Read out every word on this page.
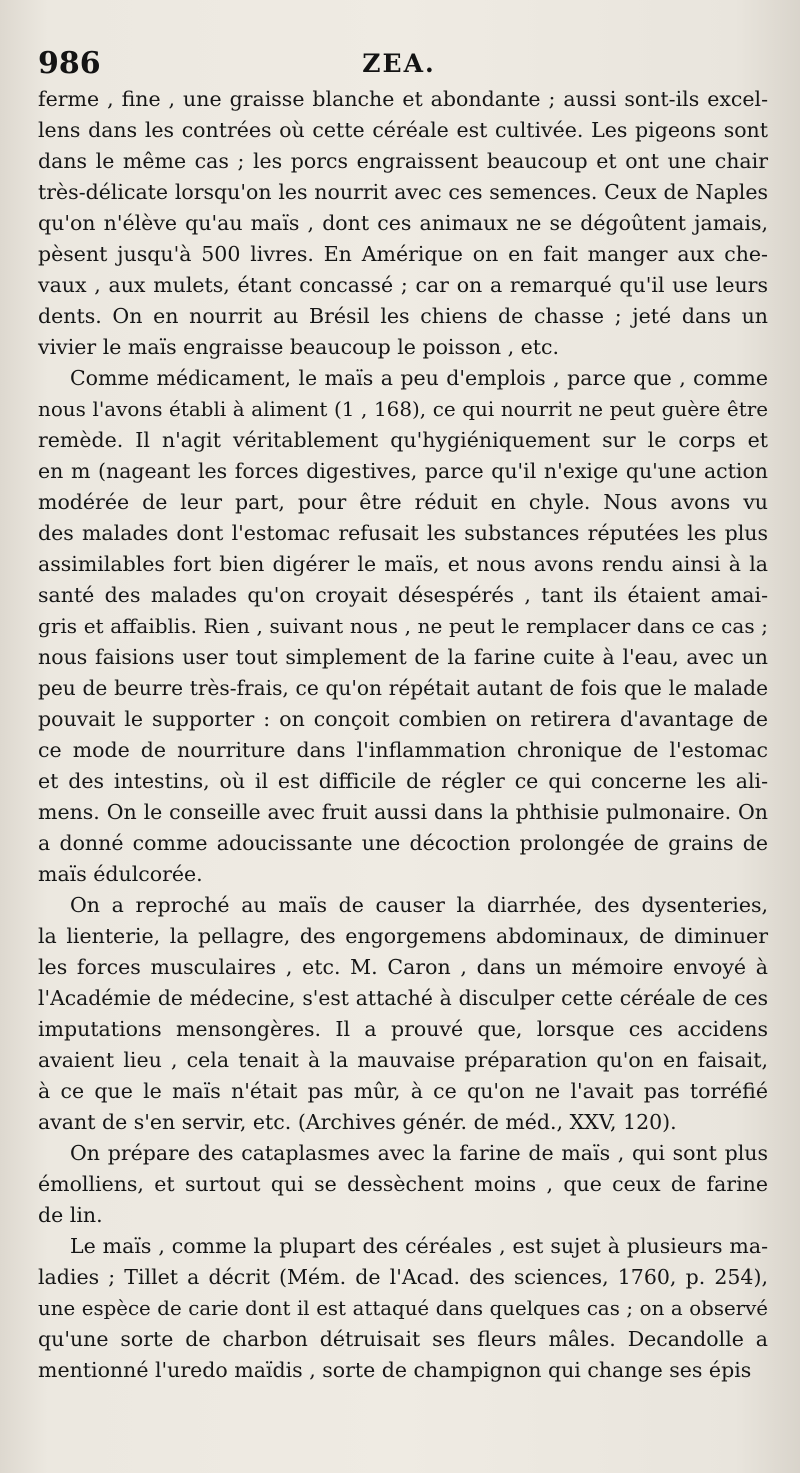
986	ZEA.
ferme , fine , une graisse blanche et abondante ; aussi sont-ils excel-
lens dans les contrées où cette céréale est cultivée. Les pigeons sont
dans le même cas ; les porcs engraissent beaucoup et ont une chair
très-délicate lorsqu'on les nourrit avec ces semences. Ceux de Naples
qu'on n'élève qu'au maïs , dont ces animaux ne se dégoûtent jamais,
pèsent jusqu'à 500 livres. En Amérique on en fait manger aux che-
vaux , aux mulets, étant concassé ; car on a remarqué qu'il use leurs
dents. On en nourrit au Brésil les chiens de chasse ; jeté dans un
vivier le maïs engraisse beaucoup le poisson , etc.
Comme médicament, le maïs a peu d'emplois , parce que , comme
nous l'avons établi à aliment (1 , 168), ce qui nourrit ne peut guère être
remède. Il n'agit véritablement qu'hygiéniquement sur le corps et
en m (nageant les forces digestives, parce qu'il n'exige qu'une action
modérée de leur part, pour être réduit en chyle. Nous avons vu
des malades dont l'estomac refusait les substances réputées les plus
assimilables fort bien digérer le maïs, et nous avons rendu ainsi à la
santé des malades qu'on croyait désespérés , tant ils étaient amai-
gris et affaiblis. Rien , suivant nous , ne peut le remplacer dans ce cas ;
nous faisions user tout simplement de la farine cuite à l'eau, avec un
peu de beurre très-frais, ce qu'on répétait autant de fois que le malade
pouvait le supporter : on conçoit combien on retirera d'avantage de
ce mode de nourriture dans l'inflammation chronique de l'estomac
et des intestins, où il est difficile de régler ce qui concerne les ali-
mens. On le conseille avec fruit aussi dans la phthisie pulmonaire. On
a donné comme adoucissante une décoction prolongée de grains de
maïs édulcorée.
On a reproché au maïs de causer la diarrhée, des dysenteries,
la lienterie, la pellagre, des engorgemens abdominaux, de diminuer
les forces musculaires , etc. M. Caron , dans un mémoire envoyé à
l'Académie de médecine, s'est attaché à disculper cette céréale de ces
imputations mensongères. Il a prouvé que, lorsque ces accidens
avaient lieu , cela tenait à la mauvaise préparation qu'on en faisait,
à ce que le maïs n'était pas mûr, à ce qu'on ne l'avait pas torréfié
avant de s'en servir, etc. (Archives génér. de méd., XXV, 120).
On prépare des cataplasmes avec la farine de maïs , qui sont plus
émolliens, et surtout qui se dessèchent moins , que ceux de farine
de lin.
Le maïs , comme la plupart des céréales , est sujet à plusieurs ma-
ladies ; Tillet a décrit (Mém. de l'Acad. des sciences, 1760, p. 254),
une espèce de carie dont il est attaqué dans quelques cas ; on a observé
qu'une sorte de charbon détruisait ses fleurs mâles. Decandolle a
mentionné l'uredo maïdis , sorte de champignon qui change ses épis
